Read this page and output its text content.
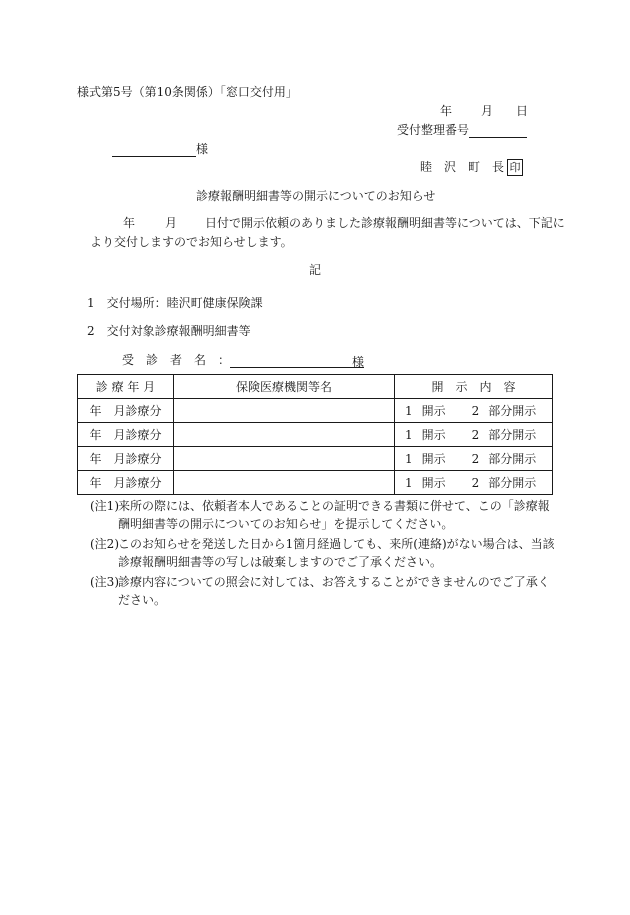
様式第5号（第10条関係）「窓口交付用」
年 月 日
受付整理番号
様
睦　沢　町　長 印
診療報酬明細書等の開示についてのお知らせ
年	月 日付で開示依頼のありました診療報酬明細書等については、下記に
より交付しますのでお知らせします。
記
1 交付場所：睦沢町健康保険課
2 交付対象診療報酬明細書等
受　診　者　名　：	様
診 療 年 月	保険医療機関等名	開　示　内　容
年　月診療分		1 開示 2 部分開示
年　月診療分		1 開示 2 部分開示
年　月診療分		1 開示 2 部分開示
年　月診療分		1 開示 2 部分開示
(注1) 来所の際には、依頼者本人であることの証明できる書類に併せて、この「診療報酬明細書等の開示についてのお知らせ」を提示してください。
(注2) このお知らせを発送した日から1箇月経過しても、来所(連絡)がない場合は、当該診療報酬明細書等の写しは破棄しますのでご了承ください。
(注3) 診療内容についての照会に対しては、お答えすることができませんのでご了承ください。
